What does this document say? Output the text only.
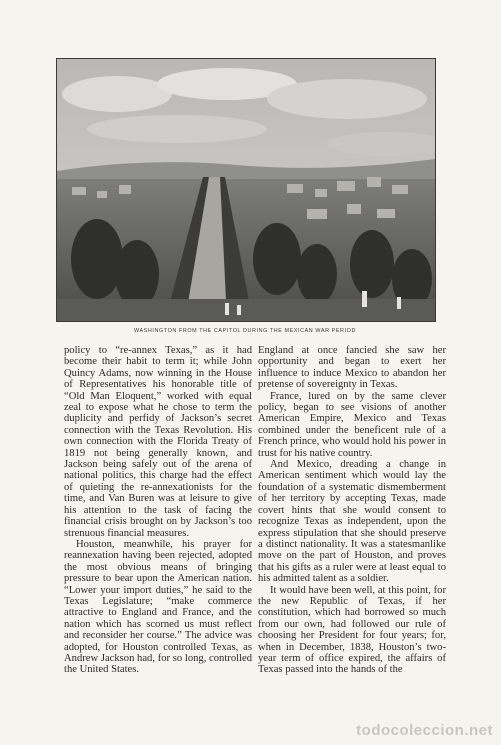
WASHINGTON FROM THE CAPITOL DURING THE MEXICAN WAR PERIOD

policy to “re-annex Texas,” as it had become their habit to term it; while John Quincy Adams, now winning in the House of Representatives his honorable title of “Old Man Eloquent,” worked with equal zeal to expose what he chose to term the duplicity and perfidy of Jackson’s secret connection with the Texas Revolution. His own connection with the Florida Treaty of 1819 not being generally known, and Jackson being safely out of the arena of national politics, this charge had the effect of quieting the re-annexationists for the time, and Van Buren was at leisure to give his attention to the task of facing the financial crisis brought on by Jackson’s too strenuous financial measures.

Houston, meanwhile, his prayer for reannexation having been rejected, adopted the most obvious means of bringing pressure to bear upon the American nation. “Lower your import duties,” he said to the Texas Legislature; “make commerce attractive to England and France, and the nation which has scorned us must reflect and reconsider her course.” The advice was adopted, for Houston controlled Texas, as Andrew Jackson had, for so long, controlled the United States.

England at once fancied she saw her opportunity and began to exert her influence to induce Mexico to abandon her pretense of sovereignty in Texas.

France, lured on by the same clever policy, began to see visions of another American Empire, Mexico and Texas combined under the beneficent rule of a French prince, who would hold his power in trust for his native country.

And Mexico, dreading a change in American sentiment which would lay the foundation of a systematic dismemberment of her territory by accepting Texas, made covert hints that she would consent to recognize Texas as independent, upon the express stipulation that she should preserve a distinct nationality. It was a statesmanlike move on the part of Houston, and proves that his gifts as a ruler were at least equal to his admitted talent as a soldier.

It would have been well, at this point, for the new Republic of Texas, if her constitution, which had borrowed so much from our own, had followed our rule of choosing her President for four years; for, when in December, 1838, Houston’s two-year term of office expired, the affairs of Texas passed into the hands of the

todocoleccion.net
